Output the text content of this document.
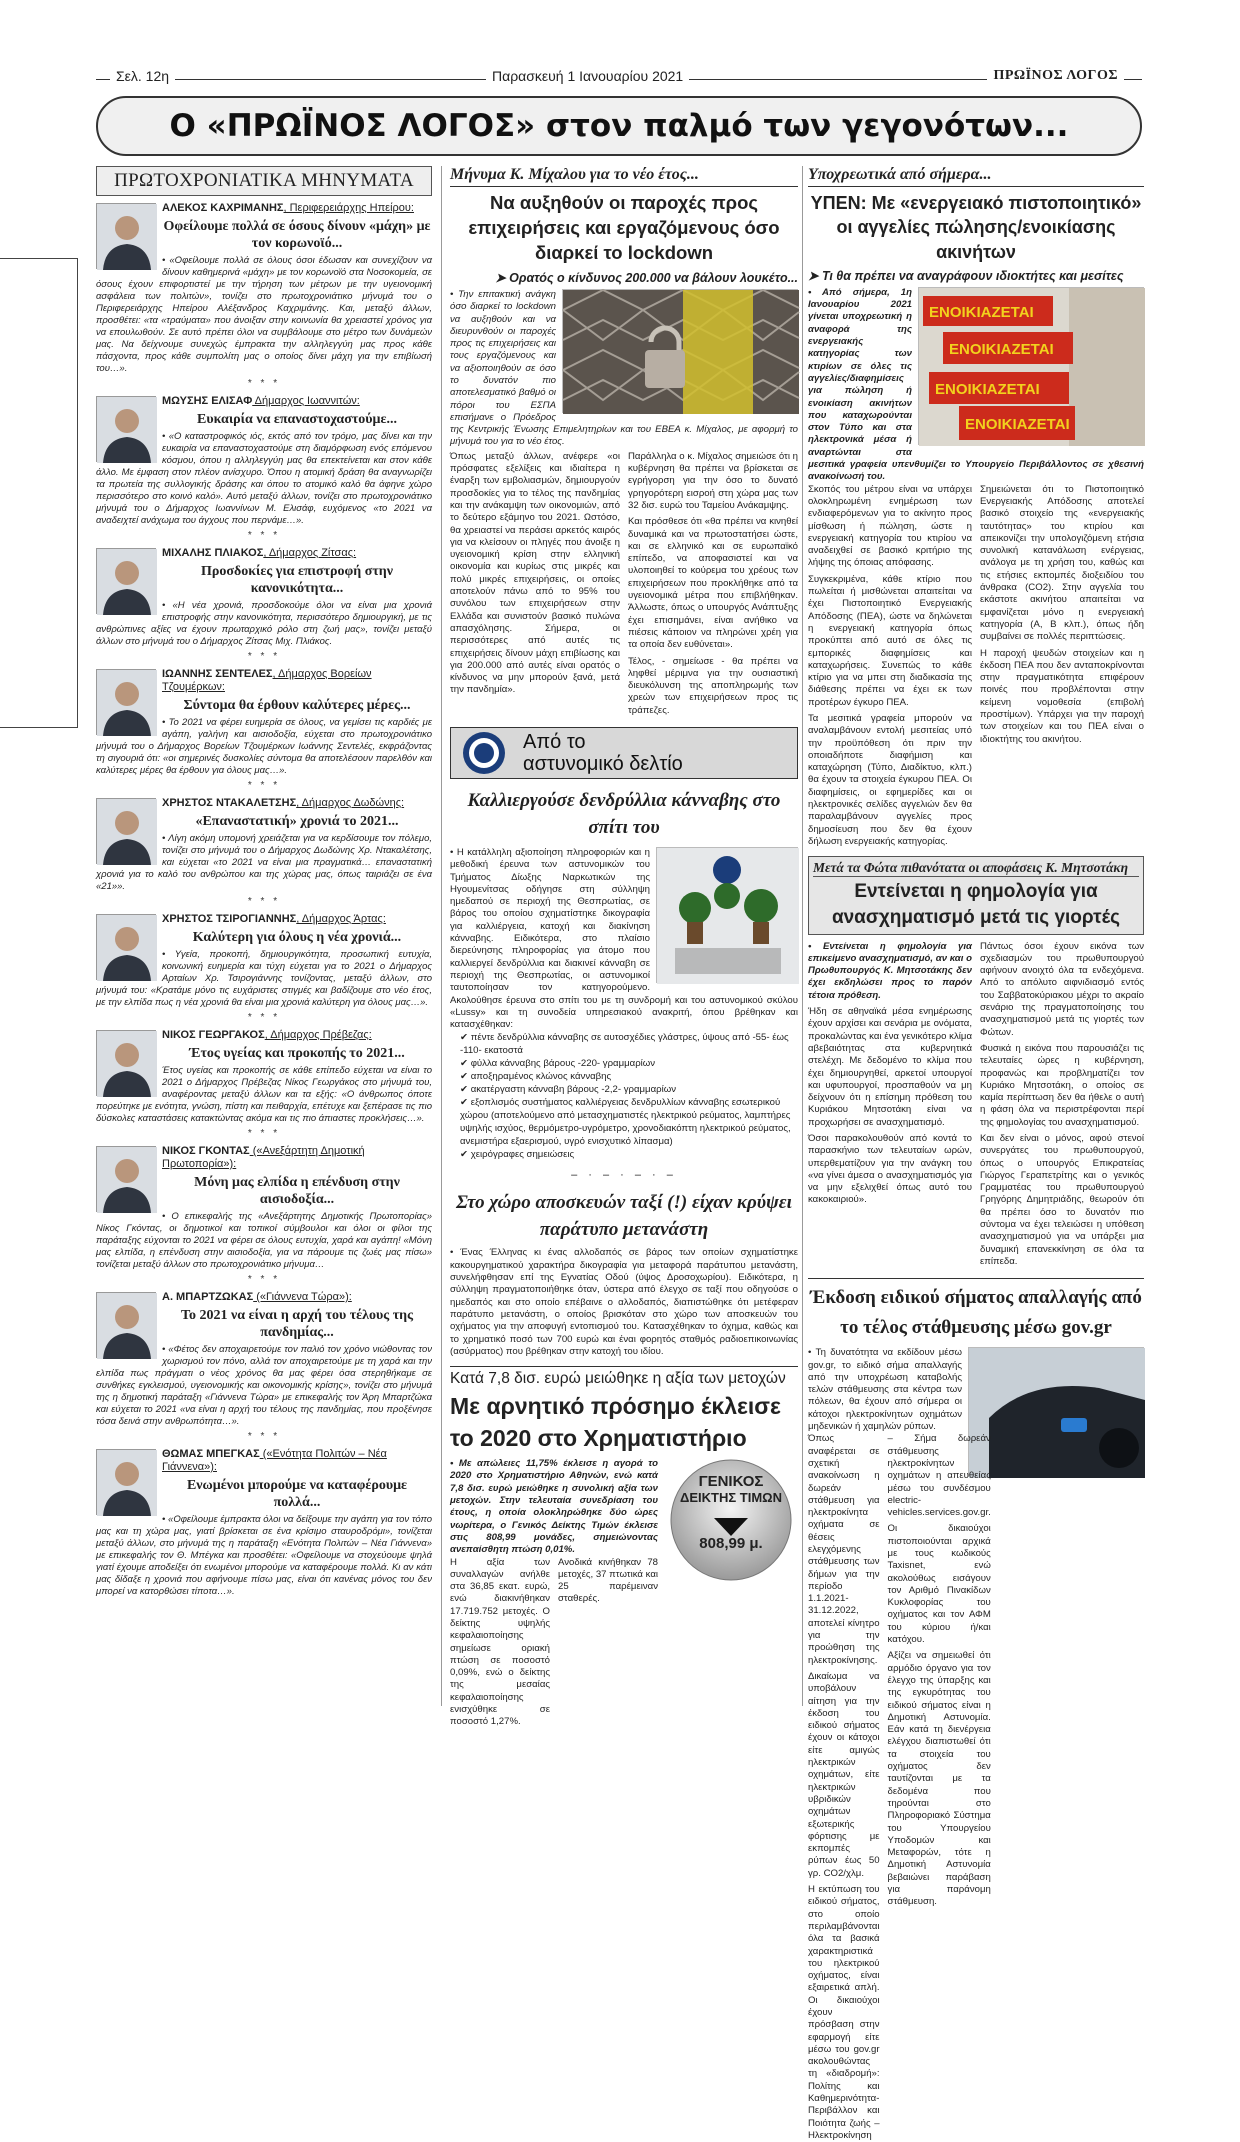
Σελ. 12η	Παρασκευή 1 Ιανουαρίου 2021	ΠΡΩΪΝΟΣ ΛΟΓΟΣ
Ο «ΠΡΩΪΝΟΣ ΛΟΓΟΣ» στον παλμό των γεγονότων...
ΠΡΩΤΟΧΡΟΝΙΑΤΙΚΑ ΜΗΝΥΜΑΤΑ
ΑΛΕΚΟΣ ΚΑΧΡΙΜΑΝΗΣ, Περιφερειάρχης Ηπείρου:
Οφείλουμε πολλά σε όσους δίνουν «μάχη» με τον κορωνοϊό...
• «Οφείλουμε πολλά σε όλους όσοι έδωσαν και συνεχίζουν να δίνουν καθημερινά «μάχη» με τον κορωνοϊό στα Νοσοκομεία, σε όσους έχουν επιφορτιστεί με την τήρηση των μέτρων με την υγειονομική ασφάλεια των πολιτών», τονίζει στο πρωτοχρονιάτικο μήνυμά του ο Περιφερειάρχης Ηπείρου Αλέξανδρος Καχριμάνης. Και, μεταξύ άλλων, προσθέτει: «τα «τραύματα» που άνοιξαν στην κοινωνία θα χρειαστεί χρόνος για να επουλωθούν. Σε αυτό πρέπει όλοι να συμβάλουμε στο μέτρο των δυνάμεών μας. Να δείχνουμε συνεχώς έμπρακτα την αλληλεγγύη μας προς κάθε πάσχοντα, προς κάθε συμπολίτη μας ο οποίος δίνει μάχη για την επιβίωσή του…».
* * *
ΜΩΥΣΗΣ ΕΛΙΣΑΦ Δήμαρχος Ιωαννιτών:
Ευκαιρία να επαναστοχαστούμε...
• «Ο καταστροφικός ιός, εκτός από τον τρόμο, μας δίνει και την ευκαιρία να επαναστοχαστούμε στη διαμόρφωση ενός επόμενου κόσμου, όπου η αλληλεγγύη μας θα επεκτείνεται και στον κάθε άλλο. Με έμφαση στον πλέον ανίσχυρο. Όπου η ατομική δράση θα αναγνωρίζει τα πρωτεία της συλλογικής δράσης και όπου το ατομικό καλό θα άφηνε χώρο περισσότερο στο κοινό καλό». Αυτό μεταξύ άλλων, τονίζει στο πρωτοχρονιάτικο μήνυμά του ο Δήμαρχος Ιωαννίνων Μ. Ελισάφ, ευχόμενος «το 2021 να αναδειχτεί ανάχωμα του άγχους που περνάμε…».
* * *
ΜΙΧΑΛΗΣ ΠΛΙΑΚΟΣ, Δήμαρχος Ζίτσας:
Προσδοκίες για επιστροφή στην κανονικότητα...
• «Η νέα χρονιά, προσδοκούμε όλοι να είναι μια χρονιά επιστροφής στην κανονικότητα, περισσότερο δημιουργική, με τις ανθρώπινες αξίες να έχουν πρωταρχικό ρόλο στη ζωή μας», τονίζει μεταξύ άλλων στο μήνυμά του ο Δήμαρχος Ζίτσας Μιχ. Πλιάκος.
* * *
ΙΩΑΝΝΗΣ ΣΕΝΤΕΛΕΣ, Δήμαρχος Βορείων Τζουμέρκων:
Σύντομα θα έρθουν καλύτερες μέρες...
• Το 2021 να φέρει ευημερία σε όλους, να γεμίσει τις καρδιές με αγάπη, γαλήνη και αισιοδοξία, εύχεται στο πρωτοχρονιάτικο μήνυμά του ο Δήμαρχος Βορείων Τζουμέρκων Ιωάννης Σεντελές, εκφράζοντας τη σιγουριά ότι: «οι σημερινές δυσκολίες σύντομα θα αποτελέσουν παρελθόν και καλύτερες μέρες θα έρθουν για όλους μας…».
* * *
ΧΡΗΣΤΟΣ ΝΤΑΚΑΛΕΤΣΗΣ, Δήμαρχος Δωδώνης:
«Επαναστατική» χρονιά το 2021...
• Λίγη ακόμη υπομονή χρειάζεται για να κερδίσουμε τον πόλεμο, τονίζει στο μήνυμά του ο Δήμαρχος Δωδώνης Χρ. Ντακαλέτσης, και εύχεται «το 2021 να είναι μια πραγματικά… επαναστατική χρονιά για το καλό του ανθρώπου και της χώρας μας, όπως ταιριάζει σε ένα «21»».
* * *
ΧΡΗΣΤΟΣ ΤΣΙΡΟΓΙΑΝΝΗΣ, Δήμαρχος Άρτας:
Καλύτερη για όλους η νέα χρονιά...
• Υγεία, προκοπή, δημιουργικότητα, προσωπική ευτυχία, κοινωνική ευημερία και τύχη εύχεται για το 2021 ο Δήμαρχος Αρταίων Χρ. Τσιρογιάννης τονίζοντας, μεταξύ άλλων, στο μήνυμά του: «Κρατάμε μόνο τις ευχάριστες στιγμές και βαδίζουμε στο νέο έτος, με την ελπίδα πως η νέα χρονιά θα είναι μια χρονιά καλύτερη για όλους μας…».
* * *
ΝΙΚΟΣ ΓΕΩΡΓΑΚΟΣ, Δήμαρχος Πρέβεζας:
Έτος υγείας και προκοπής το 2021...
Έτος υγείας και προκοπής σε κάθε επίπεδο εύχεται να είναι το 2021 ο Δήμαρχος Πρέβεζας Νίκος Γεωργάκος στο μήνυμά του, αναφέροντας μεταξύ άλλων και τα εξής: «Ο άνθρωπος όποτε πορεύτηκε με ενότητα, γνώση, πίστη και πειθαρχία, επέτυχε και ξεπέρασε τις πιο δύσκολες καταστάσεις κατακτώντας ακόμα και τις πιο άπιαστες προκλήσεις…».
* * *
ΝΙΚΟΣ ΓΚΟΝΤΑΣ («Ανεξάρτητη Δημοτική Πρωτοπορία»):
Μόνη μας ελπίδα η επένδυση στην αισιοδοξία...
• Ο επικεφαλής της «Ανεξάρτητης Δημοτικής Πρωτοπορίας» Νίκος Γκόντας, οι δημοτικοί και τοπικοί σύμβουλοι και όλοι οι φίλοι της παράταξης εύχονται το 2021 να φέρει σε όλους ευτυχία, χαρά και αγάπη! «Μόνη μας ελπίδα, η επένδυση στην αισιοδοξία, για να πάρουμε τις ζωές μας πίσω» τονίζεται μεταξύ άλλων στο πρωτοχρονιάτικο μήνυμα…
* * *
Α. ΜΠΑΡΤΖΩΚΑΣ («Γιάννενα Τώρα»):
Το 2021 να είναι η αρχή του τέλους της πανδημίας...
• «Φέτος δεν αποχαιρετούμε τον παλιό τον χρόνο νιώθοντας τον χωρισμού τον πόνο, αλλά τον αποχαιρετούμε με τη χαρά και την ελπίδα πως πράγματι ο νέος χρόνος θα μας φέρει όσα στερηθήκαμε σε συνθήκες εγκλεισμού, υγειονομικής και οικονομικής κρίσης», τονίζει στο μήνυμά της η δημοτική παράταξη «Γιάννενα Τώρα» με επικεφαλής τον Άρη Μπαρτζώκα και εύχεται το 2021 «να είναι η αρχή του τέλους της πανδημίας, που προξένησε τόσα δεινά στην ανθρωπότητα…».
* * *
ΘΩΜΑΣ ΜΠΕΓΚΑΣ («Ενότητα Πολιτών – Νέα Γιάννενα»):
Ενωμένοι μπορούμε να καταφέρουμε πολλά...
• «Οφείλουμε έμπρακτα όλοι να δείξουμε την αγάπη για τον τόπο μας και τη χώρα μας, γιατί βρίσκεται σε ένα κρίσιμο σταυροδρόμι», τονίζεται μεταξύ άλλων, στο μήνυμά της η παράταξη «Ενότητα Πολιτών – Νέα Γιάννενα» με επικεφαλής τον Θ. Μπέγκα και προσθέτει: «Οφείλουμε να στοχεύουμε ψηλά γιατί έχουμε αποδείξει ότι ενωμένοι μπορούμε να καταφέρουμε πολλά. Κι αν κάτι μας δίδαξε η χρονιά που αφήνουμε πίσω μας, είναι ότι κανένας μόνος του δεν μπορεί να κατορθώσει τίποτα…».
Μήνυμα Κ. Μίχαλου για το νέο έτος...
Να αυξηθούν οι παροχές προς επιχειρήσεις και εργαζόμενους όσο διαρκεί το lockdown
➤ Ορατός ο κίνδυνος 200.000 να βάλουν λουκέτο...
• Την επιτακτική ανάγκη όσο διαρκεί το lockdown να αυξηθούν και να διευρυνθούν οι παροχές προς τις επιχειρήσεις και τους εργαζόμενους και να αξιοποιηθούν σε όσο το δυνατόν πιο αποτελεσματικό βαθμό οι πόροι του ΕΣΠΑ επισήμανε ο Πρόεδρος της Κεντρικής Ένωσης Επιμελητηρίων και του ΕΒΕΑ κ. Μίχαλος, με αφορμή το μήνυμά του για το νέο έτος.
Όπως μεταξύ άλλων, ανέφερε «οι πρόσφατες εξελίξεις και ιδιαίτερα η έναρξη των εμβολιασμών, δημιουργούν προσδοκίες για το τέλος της πανδημίας και την ανάκαμψη των οικονομιών, από το δεύτερο εξάμηνο του 2021. Ωστόσο, θα χρειαστεί να περάσει αρκετός καιρός για να κλείσουν οι πληγές που άνοιξε η υγειονομική κρίση στην ελληνική οικονομία και κυρίως στις μικρές και πολύ μικρές επιχειρήσεις, οι οποίες αποτελούν πάνω από το 95% του συνόλου των επιχειρήσεων στην Ελλάδα και συνιστούν βασικό πυλώνα απασχόλησης. Σήμερα, οι περισσότερες από αυτές τις επιχειρήσεις δίνουν μάχη επιβίωσης και για 200.000 από αυτές είναι ορατός ο κίνδυνος να μην μπορούν ξανά, μετά την πανδημία».

Παράλληλα ο κ. Μίχαλος σημειώσε ότι η κυβέρνηση θα πρέπει να βρίσκεται σε εγρήγορση για την όσο το δυνατό γρηγορότερη εισροή στη χώρα μας των 32 δισ. ευρώ του Ταμείου Ανάκαμψης.

Και πρόσθεσε ότι «θα πρέπει να κινηθεί δυναμικά και να πρωτοστατήσει ώστε, και σε ελληνικό και σε ευρωπαϊκό επίπεδο, να αποφασιστεί και να υλοποιηθεί το κούρεμα του χρέους των επιχειρήσεων που προκλήθηκε από τα υγειονομικά μέτρα που επιβλήθηκαν. Άλλωστε, όπως ο υπουργός Ανάπτυξης έχει επισημάνει, είναι ανήθικο να πιέσεις κάποιον να πληρώνει χρέη για τα οποία δεν ευθύνεται».

Τέλος, - σημείωσε - θα πρέπει να ληφθεί μέριμνα για την ουσιαστική διευκόλυνση της αποπληρωμής των χρεών των επιχειρήσεων προς τις τράπεζες.

Από το
αστυνομικό δελτίο
Καλλιεργούσε δενδρύλλια κάνναβης στο σπίτι του
• Η κατάλληλη αξιοποίηση πληροφοριών και η μεθοδική έρευνα των αστυνομικών του Τμήματος Δίωξης Ναρκωτικών της Ηγουμενίτσας οδήγησε στη σύλληψη ημεδαπού σε περιοχή της Θεσπρωτίας, σε βάρος του οποίου σχηματίστηκε δικογραφία για καλλιέργεια, κατοχή και διακίνηση κάνναβης. Ειδικότερα, στο πλαίσιο διερεύνησης πληροφορίας για άτομο που καλλιεργεί δενδρύλλια και διακινεί κάνναβη σε περιοχή της Θεσπρωτίας, οι αστυνομικοί ταυτοποίησαν τον κατηγορούμενο. Ακολούθησε έρευνα στο σπίτι του με τη συνδρομή και του αστυνομικού σκύλου «Lussy» και τη συνοδεία υπηρεσιακού ανακριτή, όπου βρέθηκαν και κατασχέθηκαν:
✔ πέντε δενδρύλλια κάνναβης σε αυτοσχέδιες γλάστρες, ύψους από -55- έως -110- εκατοστά
✔ φύλλα κάνναβης βάρους -220- γραμμαρίων
✔ αποξηραμένος κλώνος κάνναβης
✔ ακατέργαστη κάνναβη βάρους -2,2- γραμμαρίων
✔ εξοπλισμός συστήματος καλλιέργειας δενδρυλλίων κάνναβης εσωτερικού χώρου (αποτελούμενο από μετασχηματιστές ηλεκτρικού ρεύματος, λαμπτήρες υψηλής ισχύος, θερμόμετρο-υγρόμετρο, χρονοδιακόπτη ηλεκτρικού ρεύματος, ανεμιστήρα εξαερισμού, υγρό ενισχυτικό λίπασμα)
✔ χειρόγραφες σημειώσεις
– · – · – · –
Στο χώρο αποσκευών ταξί (!) είχαν κρύψει παράτυπο μετανάστη
• Ένας Έλληνας κι ένας αλλοδαπός σε βάρος των οποίων σχηματίστηκε κακουργηματικού χαρακτήρα δικογραφία για μεταφορά παράτυπου μετανάστη, συνελήφθησαν επί της Εγνατίας Οδού (ύψος Δροσοχωρίου). Ειδικότερα, η σύλληψη πραγματοποιήθηκε όταν, ύστερα από έλεγχο σε ταξί που οδηγούσε ο ημεδαπός και στο οποίο επέβαινε ο αλλοδαπός, διαπιστώθηκε ότι μετέφεραν παράτυπο μετανάστη, ο οποίος βρισκόταν στο χώρο των αποσκευών του οχήματος για την αποφυγή εντοπισμού του. Κατασχέθηκαν το όχημα, καθώς και το χρηματικό ποσό των 700 ευρώ και έναι φορητός σταθμός ραδιοεπικοινωνίας (ασύρματος) που βρέθηκαν στην κατοχή του ιδίου.
Κατά 7,8 δισ. ευρώ μειώθηκε η αξία των μετοχών
Με αρνητικό πρόσημο έκλεισε το 2020 στο Χρηματιστήριο
ΓΕΝΙΚΟΣ
ΔΕΙΚΤΗΣ ΤΙΜΩΝ
808,99 μ.
• Με απώλειες 11,75% έκλεισε η αγορά το 2020 στο Χρηματιστήριο Αθηνών, ενώ κατά 7,8 δισ. ευρώ μειώθηκε η συνολική αξία των μετοχών. Στην τελευταία συνεδρίαση του έτους, η οποία ολοκληρώθηκε δύο ώρες νωρίτερα, ο Γενικός Δείκτης Τιμών έκλεισε στις 808,99 μονάδες, σημειώνοντας ανεπαίσθητη πτώση 0,01%.
Η αξία των συναλλαγών ανήλθε στα 36,85 εκατ. ευρώ, ενώ διακινήθηκαν 17.719.752 μετοχές. Ο δείκτης υψηλής κεφαλαιοποίησης σημείωσε οριακή πτώση σε ποσοστό 0,09%, ενώ ο δείκτης της μεσαίας κεφαλαιοποίησης ενισχύθηκε σε ποσοστό 1,27%.
Ανοδικά κινήθηκαν 78 μετοχές, 37 πτωτικά και 25 παρέμειναν σταθερές.
Υποχρεωτικά από σήμερα...
ΥΠΕΝ: Με «ενεργειακό πιστοποιητικό» οι αγγελίες πώλησης/ενοικίασης ακινήτων
➤ Τι θα πρέπει να αναγράφουν ιδιοκτήτες και μεσίτες
ΕΝΟΙΚΙΑΖΕΤΑΙ
ΕΝΟΙΚΙΑΖΕΤΑΙ
ΕΝΟΙΚΙΑΖΕΤΑΙ
ΕΝΟΙΚΙΑΖΕΤΑΙ
• Από σήμερα, 1η Ιανουαρίου 2021 γίνεται υποχρεωτική η αναφορά της ενεργειακής κατηγορίας των κτιρίων σε όλες τις αγγελίες/διαφημίσεις για πώληση ή ενοικίαση ακινήτων που καταχωρούνται στον Τύπο και στα ηλεκτρονικά μέσα ή αναρτώνται στα μεσιτικά γραφεία υπενθυμίζει το Υπουργείο Περιβάλλοντος σε χθεσινή ανακοίνωσή του.

Σκοπός του μέτρου είναι να υπάρχει ολοκληρωμένη ενημέρωση των ενδιαφερόμενων για το ακίνητο προς μίσθωση ή πώληση, ώστε η ενεργειακή κατηγορία του κτιρίου να αναδειχθεί σε βασικό κριτήριο της λήψης της όποιας απόφασης.

Συγκεκριμένα, κάθε κτίριο που πωλείται ή μισθώνεται απαιτείται να έχει Πιστοποιητικό Ενεργειακής Απόδοσης (ΠΕΑ), ώστε να δηλώνεται η ενεργειακή κατηγορία όπως προκύπτει από αυτό σε όλες τις εμπορικές διαφημίσεις και καταχωρήσεις. Συνεπώς το κάθε κτίριο για να μπει στη διαδικασία της διάθεσης πρέπει να έχει εκ των προτέρων έγκυρο ΠΕΑ.

Τα μεσιτικά γραφεία μπορούν να αναλαμβάνουν εντολή μεσιτείας υπό την προϋπόθεση ότι πριν την οποιαδήποτε διαφήμιση και καταχώρηση (Τύπο, Διαδίκτυο, κλπ.) θα έχουν τα στοιχεία έγκυρου ΠΕΑ. Οι διαφημίσεις, οι εφημερίδες και οι ηλεκτρονικές σελίδες αγγελιών δεν θα παραλαμβάνουν αγγελίες προς δημοσίευση που δεν θα έχουν δήλωση ενεργειακής κατηγορίας.

Σημειώνεται ότι το Πιστοποιητικό Ενεργειακής Απόδοσης αποτελεί βασικό στοιχείο της «ενεργειακής ταυτότητας» του κτιρίου και απεικονίζει την υπολογιζόμενη ετήσια συνολική κατανάλωση ενέργειας, ανάλογα με τη χρήση του, καθώς και τις ετήσιες εκπομπές διοξειδίου του άνθρακα (CO2). Στην αγγελία του εκάστοτε ακινήτου απαιτείται να εμφανίζεται μόνο η ενεργειακή κατηγορία (Α, Β κλπ.), όπως ήδη συμβαίνει σε πολλές περιπτώσεις.

Η παροχή ψευδών στοιχείων και η έκδοση ΠΕΑ που δεν ανταποκρίνονται στην πραγματικότητα επιφέρουν ποινές που προβλέπονται στην κείμενη νομοθεσία (επιβολή προστίμων). Υπάρχει για την παροχή των στοιχείων και του ΠΕΑ είναι ο ιδιοκτήτης του ακινήτου.

Μετά τα Φώτα πιθανότατα οι αποφάσεις Κ. Μητσοτάκη
Εντείνεται η φημολογία για ανασχηματισμό μετά τις γιορτές

• Εντείνεται η φημολογία για επικείμενο ανασχηματισμό, αν και ο Πρωθυπουργός Κ. Μητσοτάκης δεν έχει εκδηλώσει προς το παρόν τέτοια πρόθεση.

Ήδη σε αθηναϊκά μέσα ενημέρωσης έχουν αρχίσει και σενάρια με ονόματα, προκαλώντας και ένα γενικότερο κλίμα αβεβαιότητας στα κυβερνητικά στελέχη. Με δεδομένο το κλίμα που έχει δημιουργηθεί, αρκετοί υπουργοί και υφυπουργοί, προσπαθούν να μη δείχνουν ότι η επίσημη πρόθεση του Κυριάκου Μητσοτάκη είναι να προχωρήσει σε ανασχηματισμό.

Όσοι παρακολουθούν από κοντά το παρασκήνιο των τελευταίων ωρών, υπερθεματίζουν για την ανάγκη του «να γίνει άμεσα ο ανασχηματισμός για να μην εξελιχθεί όπως αυτό του κακοκαιριού».

Πάντως όσοι έχουν εικόνα των σχεδιασμών του πρωθυπουργού αφήνουν ανοιχτό όλα τα ενδεχόμενα. Από το απόλυτο αιφνιδιασμό εντός του Σαββατοκύριακου μέχρι το ακραίο σενάριο της πραγματοποίησης του ανασχηματισμού μετά τις γιορτές των Φώτων.

Φυσικά η εικόνα που παρουσιάζει τις τελευταίες ώρες η κυβέρνηση, προφανώς και προβληματίζει τον Κυριάκο Μητσοτάκη, ο οποίος σε καμία περίπτωση δεν θα ήθελε ο αυτή η φάση όλα να περιστρέφονται περί της φημολογίας του ανασχηματισμού.

Και δεν είναι ο μόνος, αφού στενοί συνεργάτες του πρωθυπουργού, όπως ο υπουργός Επικρατείας Γιώργος Γεραπετρίτης και ο γενικός Γραμματέας του πρωθυπουργού Γρηγόρης Δημητριάδης, θεωρούν ότι θα πρέπει όσο το δυνατόν πιο σύντομα να έχει τελειώσει η υπόθεση ανασχηματισμού για να υπάρξει μια δυναμική επανεκκίνηση σε όλα τα επίπεδα.

Έκδοση ειδικού σήματος απαλλαγής από το τέλος στάθμευσης μέσω gov.gr
• Τη δυνατότητα να εκδίδουν μέσω gov.gr, το ειδικό σήμα απαλλαγής από την υποχρέωση καταβολής τελών στάθμευσης στα κέντρα των πόλεων, θα έχουν από σήμερα οι κάτοχοι ηλεκτροκίνητων οχημάτων μηδενικών ή χαμηλών ρύπων.

Όπως αναφέρεται σε σχετική ανακοίνωση η δωρεάν στάθμευση για ηλεκτροκίνητα οχήματα σε θέσεις ελεγχόμενης στάθμευσης των δήμων για την περίοδο 1.1.2021-31.12.2022, αποτελεί κίνητρο για την προώθηση της ηλεκτροκίνησης.

Δικαίωμα να υποβάλουν αίτηση για την έκδοση του ειδικού σήματος έχουν οι κάτοχοι είτε αμιγώς ηλεκτρικών οχημάτων, είτε ηλεκτρικών υβριδικών οχημάτων εξωτερικής φόρτισης με εκπομπές ρύπων έως 50 γρ. CO2/χλμ.

Η εκτύπωση του ειδικού σήματος, στο οποίο περιλαμβάνονται όλα τα βασικά χαρακτηριστικά του ηλεκτρικού οχήματος, είναι εξαιρετικά απλή. Οι δικαιούχοι έχουν πρόσβαση στην εφαρμογή είτε μέσω του gov.gr ακολουθώντας τη «διαδρομή»: Πολίτης και Καθημερινότητα- Περιβάλλον και Ποιότητα ζωής – Ηλεκτροκίνηση

– Σήμα δωρεάν στάθμευσης ηλεκτροκίνητων οχημάτων η απευθείας μέσω του συνδέσμου electric-vehicles.services.gov.gr.

Οι δικαιούχοι πιστοποιούνται αρχικά με τους κωδικούς Taxisnet, ενώ ακολούθως εισάγουν τον Αριθμό Πινακίδων Κυκλοφορίας του οχήματος και τον ΑΦΜ του κύριου ή/και κατόχου.

Αξίζει να σημειωθεί ότι αρμόδιο όργανο για τον έλεγχο της ύπαρξης και της εγκυρότητας του ειδικού σήματος είναι η Δημοτική Αστυνομία. Εάν κατά τη διενέργεια ελέγχου διαπιστωθεί ότι τα στοιχεία του οχήματος δεν ταυτίζονται με τα δεδομένα που τηρούνται στο Πληροφοριακό Σύστημα του Υπουργείου Υποδομών και Μεταφορών, τότε η Δημοτική Αστυνομία βεβαιώνει παράβαση για παράνομη στάθμευση.
